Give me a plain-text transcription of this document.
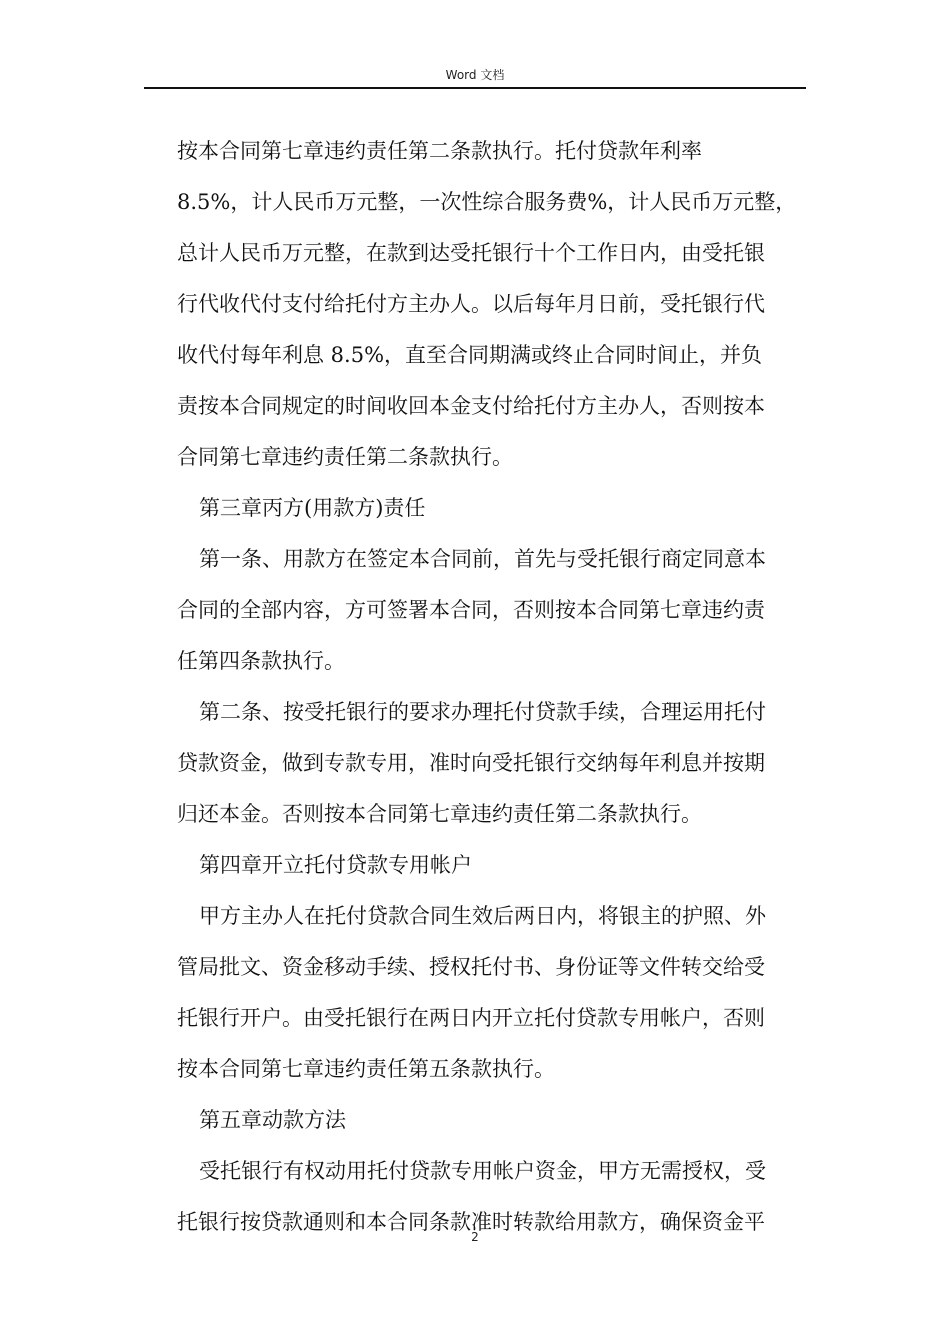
Word 文档
按本合同第七章违约责任第二条款执行。托付贷款年利率
8.5%，计人民币万元整，一次性综合服务费%，计人民币万元整，
总计人民币万元整，在款到达受托银行十个工作日内，由受托银
行代收代付支付给托付方主办人。以后每年月日前，受托银行代
收代付每年利息 8.5%，直至合同期满或终止合同时间止，并负
责按本合同规定的时间收回本金支付给托付方主办人，否则按本
合同第七章违约责任第二条款执行。
第三章丙方(用款方)责任
第一条、用款方在签定本合同前，首先与受托银行商定同意本
合同的全部内容，方可签署本合同，否则按本合同第七章违约责
任第四条款执行。
第二条、按受托银行的要求办理托付贷款手续，合理运用托付
贷款资金，做到专款专用，准时向受托银行交纳每年利息并按期
归还本金。否则按本合同第七章违约责任第二条款执行。
第四章开立托付贷款专用帐户
甲方主办人在托付贷款合同生效后两日内，将银主的护照、外
管局批文、资金移动手续、授权托付书、身份证等文件转交给受
托银行开户。由受托银行在两日内开立托付贷款专用帐户，否则
按本合同第七章违约责任第五条款执行。
第五章动款方法
受托银行有权动用托付贷款专用帐户资金，甲方无需授权，受
托银行按贷款通则和本合同条款准时转款给用款方，确保资金平
2
